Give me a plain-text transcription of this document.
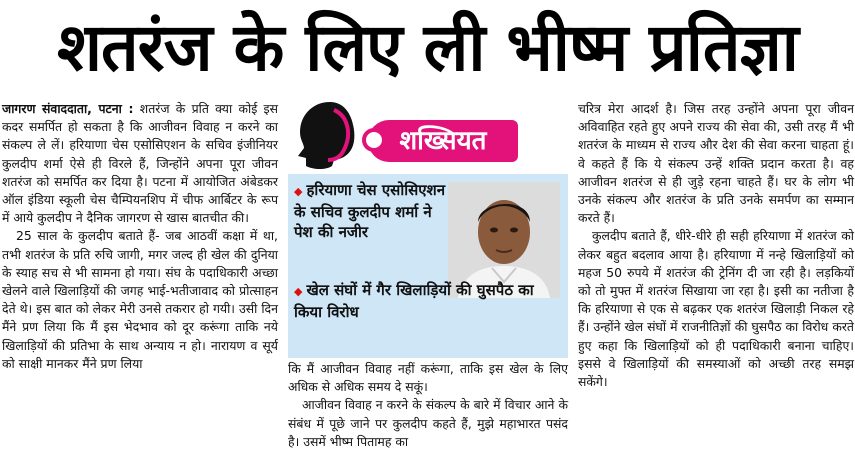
शतरंज के लिए ली भीष्म प्रतिज्ञा

जागरण संवाददाता, पटना : शतरंज के प्रति क्या कोई इस कदर समर्पित हो सकता है कि आजीवन विवाह न करने का संकल्प ले लें। हरियाणा चेस एसोसिएशन के सचिव इंजीनियर कुलदीप शर्मा ऐसे ही विरले हैं, जिन्होंने अपना पूरा जीवन शतरंज को समर्पित कर दिया है। पटना में आयोजित अंबेडकर ऑल इंडिया स्कूली चेस चैम्पियनशिप में चीफ आर्बिटर के रूप में आये कुलदीप ने दैनिक जागरण से खास बातचीत की।

25 साल के कुलदीप बताते हैं- जब आठवीं कक्षा में था, तभी शतरंज के प्रति रुचि जागी, मगर जल्द ही खेल की दुनिया के स्याह सच से भी सामना हो गया। संघ के पदाधिकारी अच्छा खेलने वाले खिलाड़ियों की जगह भाई-भतीजावाद को प्रोत्साहन देते थे। इस बात को लेकर मेरी उनसे तकरार हो गयी। उसी दिन मैंने प्रण लिया कि मैं इस भेदभाव को दूर करूंगा ताकि नये खिलाड़ियों की प्रतिभा के साथ अन्याय न हो। नारायण व सूर्य को साक्षी मानकर मैंने प्रण लिया

शख्सियत
◆ हरियाणा चेस एसोसिएशन के सचिव कुलदीप शर्मा ने पेश की नजीर
◆ खेल संघों में गैर खिलाड़ियों की घुसपैठ का किया विरोध

कि मैं आजीवन विवाह नहीं करूंगा, ताकि इस खेल के लिए अधिक से अधिक समय दे सकूं।

आजीवन विवाह न करने के संकल्प के बारे में विचार आने के संबंध में पूछे जाने पर कुलदीप कहते हैं, मुझे महाभारत पसंद है। उसमें भीष्म पितामह का

चरित्र मेरा आदर्श है। जिस तरह उन्होंने अपना पूरा जीवन अविवाहित रहते हुए अपने राज्य की सेवा की, उसी तरह मैं भी शतरंज के माध्यम से राज्य और देश की सेवा करना चाहता हूं। वे कहते हैं कि ये संकल्प उन्हें शक्ति प्रदान करता है। वह आजीवन शतरंज से ही जुड़े रहना चाहते हैं। घर के लोग भी उनके संकल्प और शतरंज के प्रति उनके समर्पण का सम्मान करते हैं।

कुलदीप बताते हैं, धीरे-धीरे ही सही हरियाणा में शतरंज को लेकर बहुत बदलाव आया है। हरियाणा में नन्हे खिलाड़ियों को महज 50 रुपये में शतरंज की ट्रेनिंग दी जा रही है। लड़कियों को तो मुफ्त में शतरंज सिखाया जा रहा है। इसी का नतीजा है कि हरियाणा से एक से बढ़कर एक शतरंज खिलाड़ी निकल रहे हैं। उन्होंने खेल संघों में राजनीतिज्ञों की घुसपैठ का विरोध करते हुए कहा कि खिलाड़ियों को ही पदाधिकारी बनाना चाहिए। इससे वे खिलाड़ियों की समस्याओं को अच्छी तरह समझ सकेंगे।
